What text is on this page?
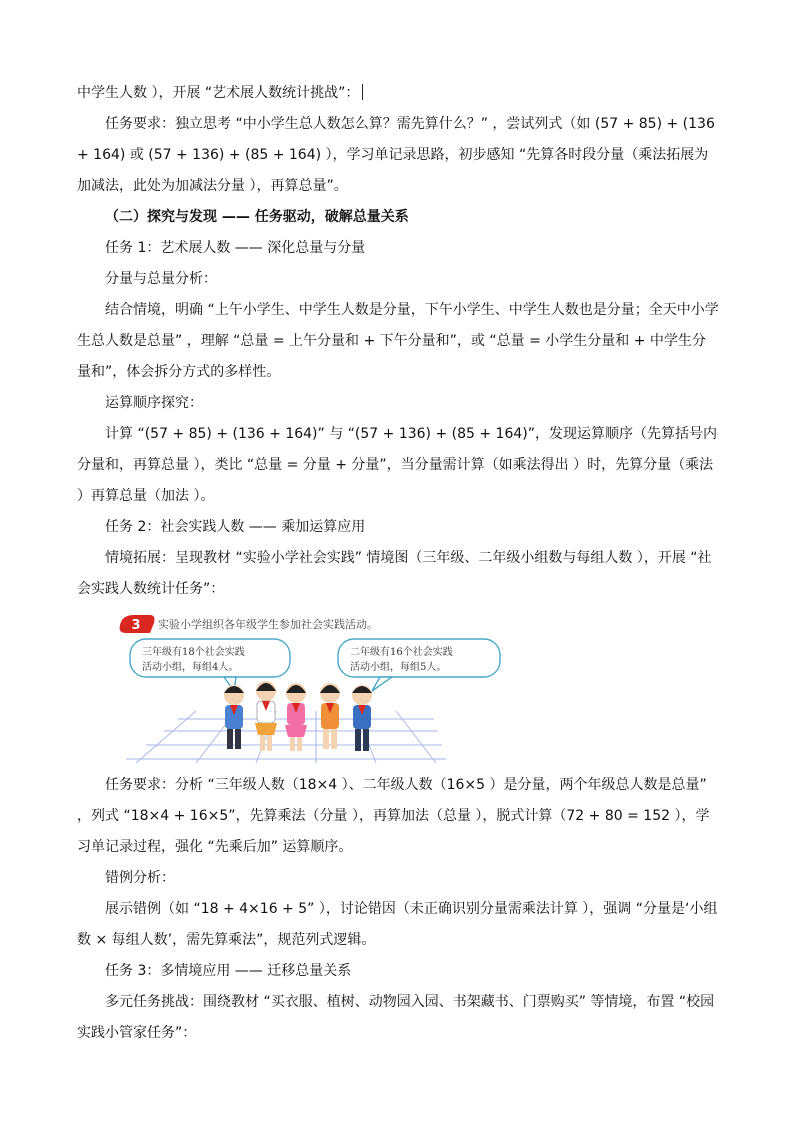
中学生人数 ），开展 “艺术展人数统计挑战”：

任务要求：独立思考 “中小学生总人数怎么算？需先算什么？” ，尝试列式（如 (57 + 85) + (136 + 164) 或 (57 + 136) + (85 + 164) ），学习单记录思路，初步感知 “先算各时段分量（乘法拓展为加减法，此处为加减法分量 ），再算总量”。

（二）探究与发现 —— 任务驱动，破解总量关系

任务 1：艺术展人数 —— 深化总量与分量

分量与总量分析：

结合情境，明确 “上午小学生、中学生人数是分量，下午小学生、中学生人数也是分量；全天中小学生总人数是总量” ，理解 “总量 = 上午分量和 + 下午分量和”，或 “总量 = 小学生分量和 + 中学生分量和”，体会拆分方式的多样性。

运算顺序探究：

计算 “(57 + 85) + (136 + 164)” 与 “(57 + 136) + (85 + 164)”，发现运算顺序（先算括号内分量和，再算总量 ），类比 “总量 = 分量 + 分量”，当分量需计算（如乘法得出 ）时，先算分量（乘法 ）再算总量（加法 ）。

任务 2：社会实践人数 —— 乘加运算应用

情境拓展：呈现教材 “实验小学社会实践” 情境图（三年级、二年级小组数与每组人数 ），开展 “社会实践人数统计任务”：

3 实验小学组织各年级学生参加社会实践活动。
三年级有18个社会实践
活动小组，每组4人。
二年级有16个社会实践
活动小组，每组5人。

任务要求：分析 “三年级人数（18×4 ）、二年级人数（16×5 ）是分量，两个年级总人数是总量” ，列式 “18×4 + 16×5”，先算乘法（分量 ），再算加法（总量 ），脱式计算（72 + 80 = 152 ），学习单记录过程，强化 “先乘后加” 运算顺序。

错例分析：

展示错例（如 “18 + 4×16 + 5” ），讨论错因（未正确识别分量需乘法计算 ），强调 “分量是‘小组数 × 每组人数’，需先算乘法”，规范列式逻辑。

任务 3：多情境应用 —— 迁移总量关系

多元任务挑战：围绕教材 “买衣服、植树、动物园入园、书架藏书、门票购买” 等情境，布置 “校园实践小管家任务”：
